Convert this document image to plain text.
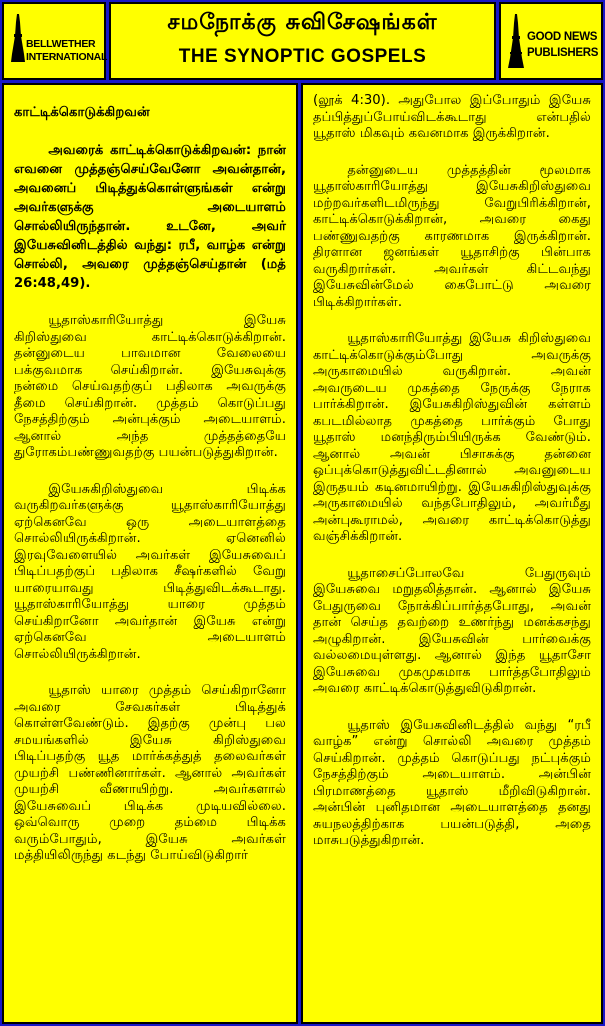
BELLWETHER
INTERNATIONAL
சமநோக்கு சுவிசேஷங்கள்
THE SYNOPTIC GOSPELS
GOOD NEWS
PUBLISHERS
காட்டிக்கொடுக்கிறவன்

அவரைக் காட்டிக்கொடுக்கிறவன்: நான் எவனை முத்தஞ்செய்வேனோ அவன்தான், அவனைப் பிடித்துக்கொள்ளுங்கள் என்று அவர்களுக்கு அடையாளம் சொல்லியிருந்தான். உடனே, அவர் இயேசுவினிடத்தில் வந்து: ரபீ, வாழ்க என்று சொல்லி, அவரை முத்தஞ்செய்தான் (மத் 26:48,49).

யூதாஸ்காரியோத்து இயேசு கிறிஸ்துவை காட்டிக்கொடுக்கிறான். தன்னுடைய பாவமான வேலையை பக்குவமாக செய்கிறான். இயேசுவுக்கு நன்மை செய்வதற்குப் பதிலாக அவருக்கு தீமை செய்கிறான். முத்தம் கொடுப்பது நேசத்திற்கும் அன்புக்கும் அடையாளம். ஆனால் அந்த முத்தத்தையே துரோகம்பண்ணுவதற்கு பயன்படுத்துகிறான்.

இயேசுகிறிஸ்துவை பிடிக்க வருகிறவர்களுக்கு யூதாஸ்காரியோத்து ஏற்கெனவே ஒரு அடையாளத்தை சொல்லியிருக்கிறான். ஏனெனில் இரவுவேளையில் அவர்கள் இயேசுவைப் பிடிப்பதற்குப் பதிலாக சீஷர்களில் வேறு யாரையாவது பிடித்துவிடக்கூடாது. யூதாஸ்காரியோத்து யாரை முத்தம் செய்கிறானோ அவர்தான் இயேசு என்று ஏற்கெனவே அடையாளம் சொல்லியிருக்கிறான்.

யூதாஸ் யாரை முத்தம் செய்கிறானோ அவரை சேவகர்கள் பிடித்துக் கொள்ளவேண்டும். இதற்கு முன்பு பல சமயங்களில் இயேசு கிறிஸ்துவை பிடிப்பதற்கு யூத மார்க்கத்துத் தலைவர்கள் முயற்சி பண்ணினார்கள். ஆனால் அவர்கள் முயற்சி வீணாயிற்று. அவர்களால் இயேசுவைப் பிடிக்க முடியவில்லை. ஒவ்வொரு முறை தம்மை பிடிக்க வரும்போதும், இயேசு அவர்கள் மத்தியிலிருந்து கடந்து போய்விடுகிறார்

(லூக் 4:30). அதுபோல இப்போதும் இயேசு தப்பித்துப்போய்விடக்கூடாது என்பதில் யூதாஸ் மிகவும் கவனமாக இருக்கிறான்.

தன்னுடைய முத்தத்தின் மூலமாக யூதாஸ்காரியோத்து இயேசுகிறிஸ்துவை மற்றவர்களிடமிருந்து வேறுபிரிக்கிறான், காட்டிக்கொடுக்கிறான், அவரை கைது பண்ணுவதற்கு காரணமாக இருக்கிறான். திரளான ஜனங்கள் யூதாசிற்கு பின்பாக வருகிறார்கள். அவர்கள் கிட்டவந்து இயேசுவின்மேல் கைபோட்டு அவரை பிடிக்கிறார்கள்.

யூதாஸ்காரியோத்து இயேசு கிறிஸ்துவை காட்டிக்கொடுக்கும்போது அவருக்கு அருகாமையில் வருகிறான். அவன் அவருடைய முகத்தை நேருக்கு நேராக பார்க்கிறான். இயேசுகிறிஸ்துவின் கள்ளம் கபடமில்லாத முகத்தை பார்க்கும் போது யூதாஸ் மனந்திரும்பியிருக்க வேண்டும். ஆனால் அவன் பிசாசுக்கு தன்னை ஒப்புக்கொடுத்துவிட்டதினால் அவனுடைய இருதயம் கடினமாயிற்று. இயேசுகிறிஸ்துவுக்கு அருகாமையில் வந்தபோதிலும், அவர்மீது அன்புகூராமல், அவரை காட்டிக்கொடுத்து வஞ்சிக்கிறான்.

யூதாசைப்போலவே பேதுருவும் இயேசுவை மறுதலித்தான். ஆனால் இயேசு பேதுருவை நோக்கிப்பார்த்தபோது, அவன் தான் செய்த தவற்றை உணர்ந்து மனக்கசந்து அழுகிறான். இயேசுவின் பார்வைக்கு வல்லமையுள்ளது. ஆனால் இந்த யூதாசோ இயேசுவை முகமுகமாக பார்த்தபோதிலும் அவரை காட்டிக்கொடுத்துவிடுகிறான்.

யூதாஸ் இயேசுவினிடத்தில் வந்து “ரபீ வாழ்க” என்று சொல்லி அவரை முத்தம் செய்கிறான். முத்தம் கொடுப்பது நட்புக்கும் நேசத்திற்கும் அடையாளம். அன்பின் பிரமாணத்தை யூதாஸ் மீறிவிடுகிறான். அன்பின் புனிதமான அடையாளத்தை தனது சுயநலத்திற்காக பயன்படுத்தி, அதை மாசுபடுத்துகிறான்.
